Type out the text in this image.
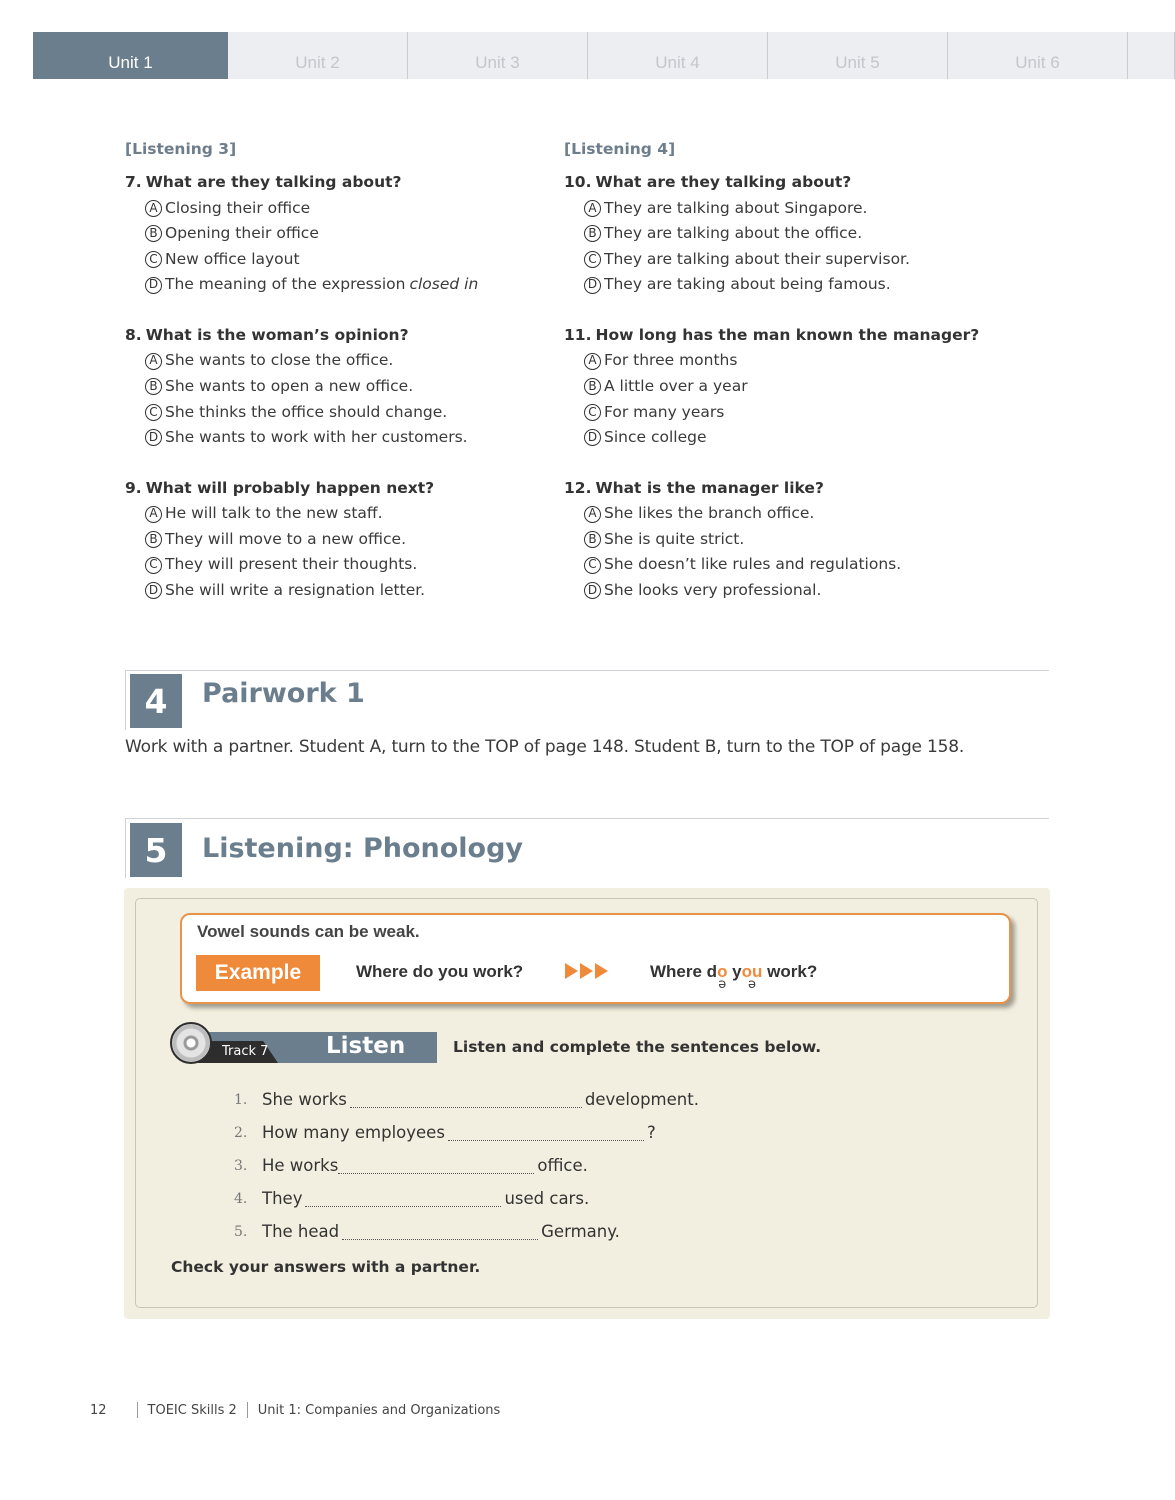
Unit 1	Unit 2	Unit 3	Unit 4	Unit 5	Unit 6
[Listening 3]
7. What are they talking about?
A Closing their office
B Opening their office
C New office layout
D The meaning of the expression closed in
8. What is the woman’s opinion?
A She wants to close the office.
B She wants to open a new office.
C She thinks the office should change.
D She wants to work with her customers.
9. What will probably happen next?
A He will talk to the new staff.
B They will move to a new office.
C They will present their thoughts.
D She will write a resignation letter.
[Listening 4]
10. What are they talking about?
A They are talking about Singapore.
B They are talking about the office.
C They are talking about their supervisor.
D They are taking about being famous.
11. How long has the man known the manager?
A For three months
B A little over a year
C For many years
D Since college
12. What is the manager like?
A She likes the branch office.
B She is quite strict.
C She doesn’t like rules and regulations.
D She looks very professional.
4	Pairwork 1
Work with a partner. Student A, turn to the TOP of page 148. Student B, turn to the TOP of page 158.
5	Listening: Phonology
Vowel sounds can be weak.
Example	Where do you work?	Where do
ə
you
ə
work?
Track 7	Listen	Listen and complete the sentences below.
1. She works	development.
2. How many employees	?
3. He works	office.
4. They	used cars.
5. The head	Germany.
Check your answers with a partner.
12	TOEIC Skills 2 Unit 1: Companies and Organizations
